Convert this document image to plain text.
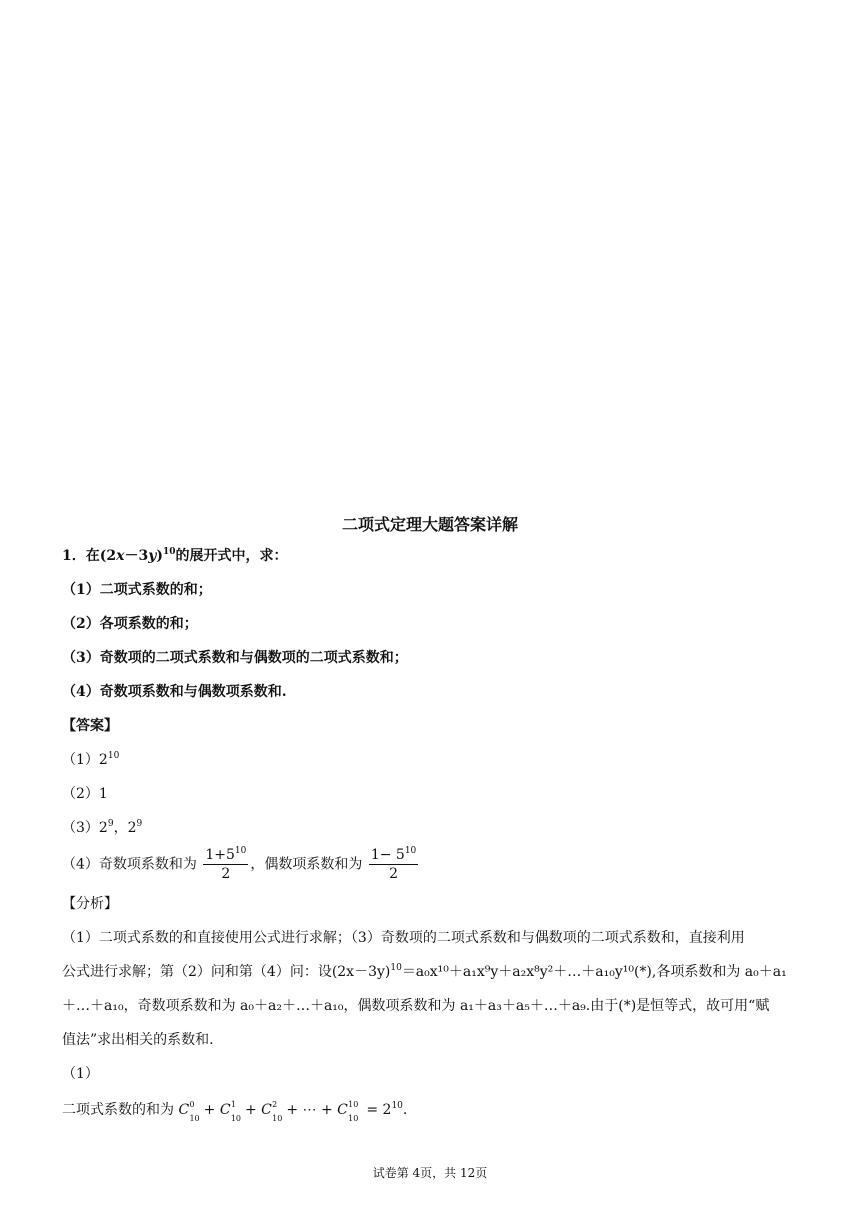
二项式定理大题答案详解
1．在$(2x-3y)^{10}$的展开式中，求：
（1）二项式系数的和；
（2）各项系数的和；
（3）奇数项的二项式系数和与偶数项的二项式系数和；
（4）奇数项系数和与偶数项系数和.
【答案】
$(1)2^{10}$
（2）1
$(3)2^9$，$2^9$
（4）奇数项系数和为 $\frac{1+5^{10}}{2}$ ，偶数项系数和为 $\frac{1- 5^{10}}{2}$
【分析】
（1）二项式系数的和直接使用公式进行求解；（3）奇数项的二项式系数和与偶数项的二项式系数和，直接利用
公式进行求解；第（2）问和第（4）问：设$(2x-3y)^{10}=a_0x^{10}+a_1x^9y+a_2x^8y^2+\dots+a_{10}y^{10}(*)$,各项系数和为 a₀＋a₁
＋…＋a₁₀，奇数项系数和为 a₀＋a₂＋…＋a₁₀，偶数项系数和为 a₁＋a₃＋a₅＋…＋a₉.由于(*)是恒等式，故可用“赋
值法”求出相关的系数和.
（1）
二项式系数的和为 C 0
10
+ C 1
10
+ C 2
10
+ ⋯ + C 10
10
= $2^{10}$.
试卷第 4页，共 12页
